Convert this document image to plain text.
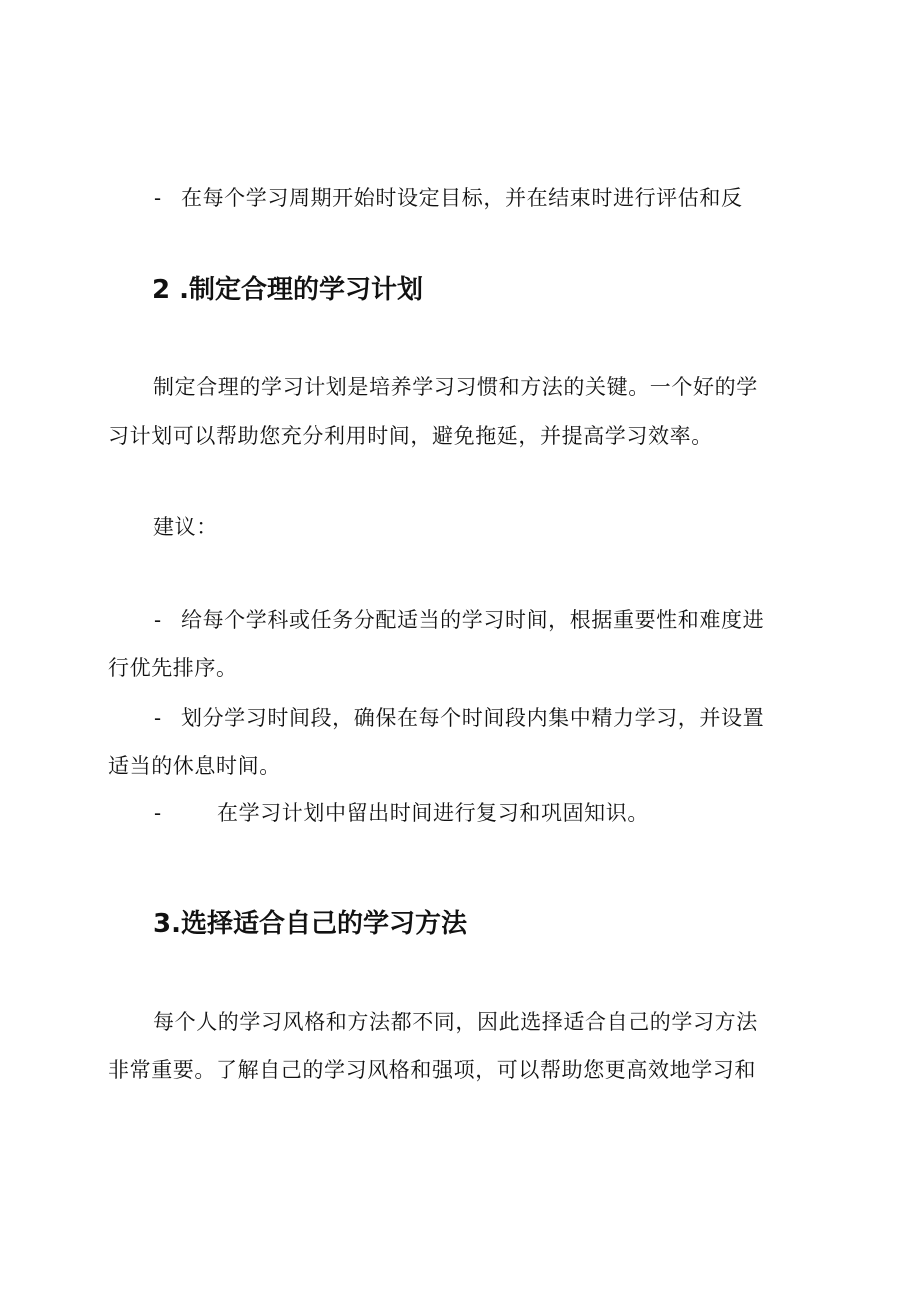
- 在每个学习周期开始时设定目标，并在结束时进行评估和反
2 .制定合理的学习计划
制定合理的学习计划是培养学习习惯和方法的关键。一个好的学
习计划可以帮助您充分利用时间，避免拖延，并提高学习效率。
建议：
- 给每个学科或任务分配适当的学习时间，根据重要性和难度进
行优先排序。
- 划分学习时间段，确保在每个时间段内集中精力学习，并设置
适当的休息时间。
-	在学习计划中留出时间进行复习和巩固知识。
3.选择适合自己的学习方法
每个人的学习风格和方法都不同，因此选择适合自己的学习方法
非常重要。了解自己的学习风格和强项，可以帮助您更高效地学习和
